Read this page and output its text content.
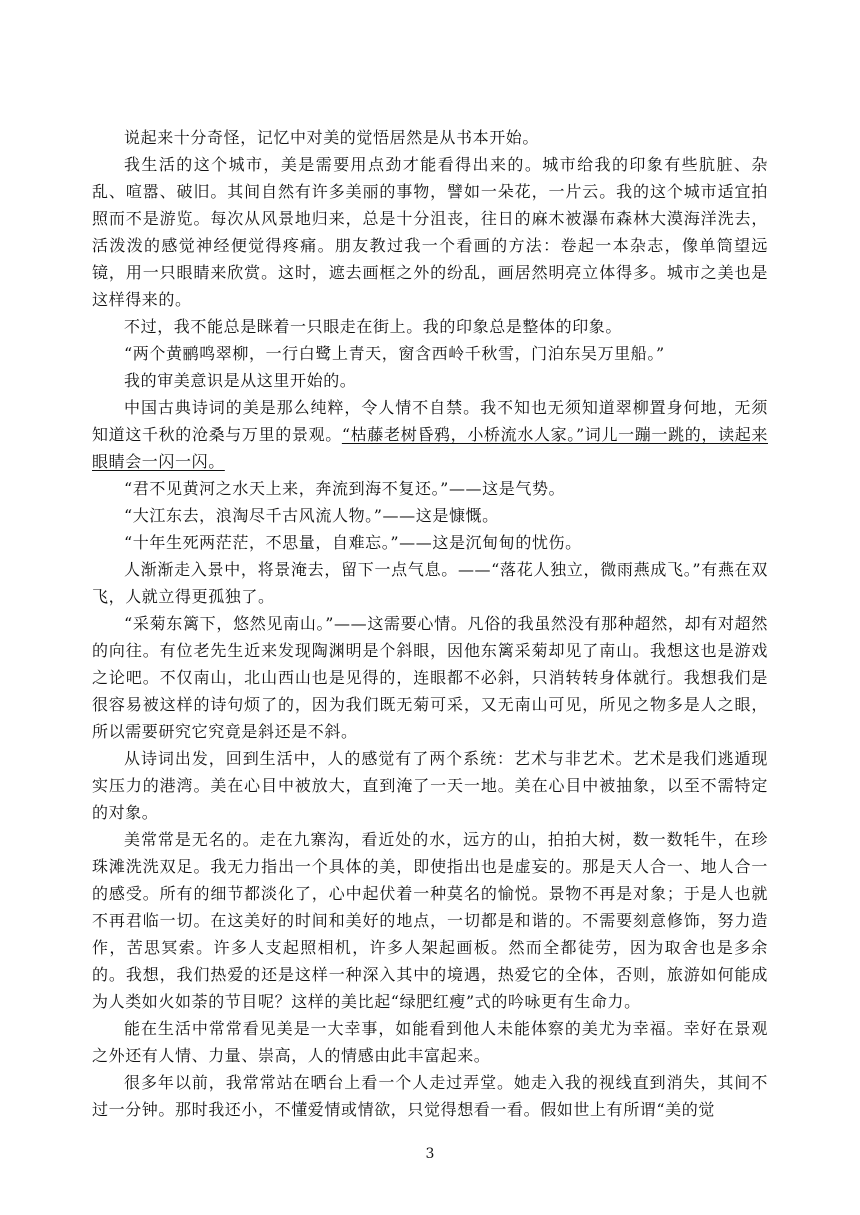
说起来十分奇怪，记忆中对美的觉悟居然是从书本开始。

我生活的这个城市，美是需要用点劲才能看得出来的。城市给我的印象有些肮脏、杂乱、喧嚣、破旧。其间自然有许多美丽的事物，譬如一朵花，一片云。我的这个城市适宜拍照而不是游览。每次从风景地归来，总是十分沮丧，往日的麻木被瀑布森林大漠海洋洗去，活泼泼的感觉神经便觉得疼痛。朋友教过我一个看画的方法：卷起一本杂志，像单筒望远镜，用一只眼睛来欣赏。这时，遮去画框之外的纷乱，画居然明亮立体得多。城市之美也是这样得来的。

不过，我不能总是眯着一只眼走在街上。我的印象总是整体的印象。

“两个黄鹂鸣翠柳，一行白鹭上青天，窗含西岭千秋雪，门泊东吴万里船。”

我的审美意识是从这里开始的。

中国古典诗词的美是那么纯粹，令人情不自禁。我不知也无须知道翠柳置身何地，无须知道这千秋的沧桑与万里的景观。“枯藤老树昏鸦，小桥流水人家。”词儿一蹦一跳的，读起来眼睛会一闪一闪。

“君不见黄河之水天上来，奔流到海不复还。”——这是气势。

“大江东去，浪淘尽千古风流人物。”——这是慷慨。

“十年生死两茫茫，不思量，自难忘。”——这是沉甸甸的忧伤。

人渐渐走入景中，将景淹去，留下一点气息。——“落花人独立，微雨燕成飞。”有燕在双飞，人就立得更孤独了。

“采菊东篱下，悠然见南山。”——这需要心情。凡俗的我虽然没有那种超然，却有对超然的向往。有位老先生近来发现陶渊明是个斜眼，因他东篱采菊却见了南山。我想这也是游戏之论吧。不仅南山，北山西山也是见得的，连眼都不必斜，只消转转身体就行。我想我们是很容易被这样的诗句烦了的，因为我们既无菊可采，又无南山可见，所见之物多是人之眼，所以需要研究它究竟是斜还是不斜。

从诗词出发，回到生活中，人的感觉有了两个系统：艺术与非艺术。艺术是我们逃遁现实压力的港湾。美在心目中被放大，直到淹了一天一地。美在心目中被抽象，以至不需特定的对象。

美常常是无名的。走在九寨沟，看近处的水，远方的山，拍拍大树，数一数牦牛，在珍珠滩洗洗双足。我无力指出一个具体的美，即使指出也是虚妄的。那是天人合一、地人合一的感受。所有的细节都淡化了，心中起伏着一种莫名的愉悦。景物不再是对象；于是人也就不再君临一切。在这美好的时间和美好的地点，一切都是和谐的。不需要刻意修饰，努力造作，苦思冥索。许多人支起照相机，许多人架起画板。然而全都徒劳，因为取舍也是多余的。我想，我们热爱的还是这样一种深入其中的境遇，热爱它的全体，否则，旅游如何能成为人类如火如荼的节目呢？这样的美比起“绿肥红瘦”式的吟咏更有生命力。

能在生活中常常看见美是一大幸事，如能看到他人未能体察的美尤为幸福。幸好在景观之外还有人情、力量、崇高，人的情感由此丰富起来。

很多年以前，我常常站在晒台上看一个人走过弄堂。她走入我的视线直到消失，其间不过一分钟。那时我还小，不懂爱情或情欲，只觉得想看一看。假如世上有所谓“美的觉

3
